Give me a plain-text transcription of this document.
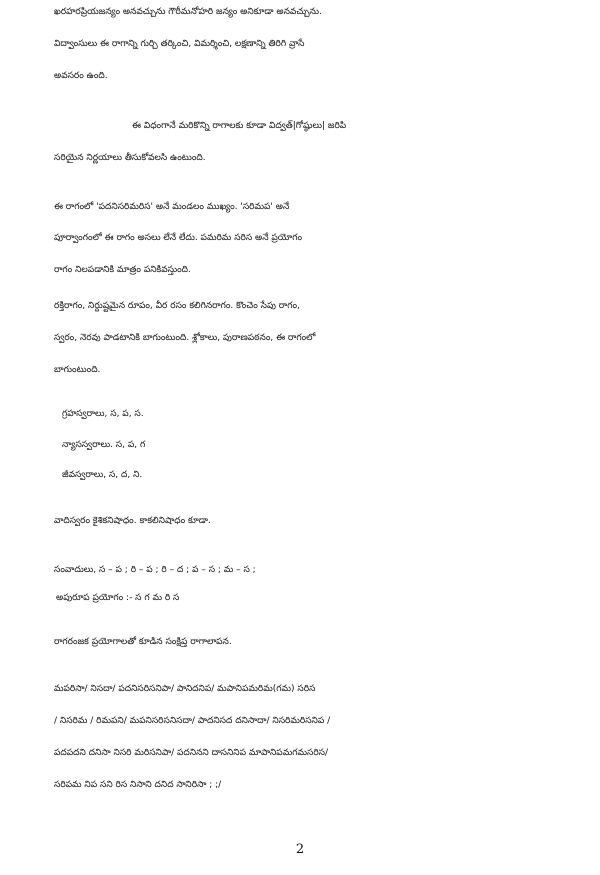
ఖరహరప్రియజన్యం అనవచ్చును గౌరీమనోహరి జన్యం అనికూడా అనవచ్చును.
విద్వాంసులు ఈ రాగాన్ని గుర్చి తర్కించి, విమర్శించి, లక్షణాన్ని తిరిగి వ్రాసే
అవసరం ఉంది.
ఈ విధంగానే మరికొన్ని రాగాలకు కూడా విద్వత్|గోష్ఠులు| జరిపి
సరియైన నిర్ణయాలు తీసుకోవలసి ఉంటుంది.
ఈ రాగంలో 'పదనిసరిమరిస' అనే మండలం ముఖ్యం. 'సరిమప' అనే
పూర్వాంగంలో ఈ రాగం అసలు లేనే లేదు. పమరిమ సరిస అనే ప్రయోగం
రాగం నిలపడానికి మాత్రం పనికివస్తుంది.
రక్తిరాగం, నిర్దుష్టమైన రూపం, వీర రసం కలిగినరాగం. కొంచెం సేపు రాగం,
స్వరం, నెరవు పాడటానికి బాగుంటుంది. శ్లోకాలు, పురాణపఠనం, ఈ రాగంలో
బాగుంటుంది.
గ్రహస్వరాలు, స, ప, స.
న్యాసస్వరాలు. స, ప, గ
జీవస్వరాలు, స, ద, ని.
వాదిస్వరం కైశికనిషాధం. కాకలినిషాధం కూడా.
సంవాదులు, స – ప ; రి – ప ; రి – ద ; ప – స ; మ – స ;
అపురూప ప్రయోగం :- స గ మ రి స
రాగరంజక ప్రయోగాలతో కూడిన సంక్షిప్త రాగాలాపన.
మపరిసా/ నిసదా/ పదనిసరిసనిపా/ పానిదనిప/ మపానిపమరిమ(గమ) సరిస
/ నిసరిమ / రిమపని/ మపనిసరిసనిసదా/ పాదనిసద దనిసాదా/ నిసరిమరిసనిప /
పదపదని దనిసా నిసరి మరిసనిపా/ పదనినని దాసనినిప మాపానిపమగమసరిస/
సరిపమ నిప సని రిస నిసాని దనిద సానిరిసా ; ;/
2
